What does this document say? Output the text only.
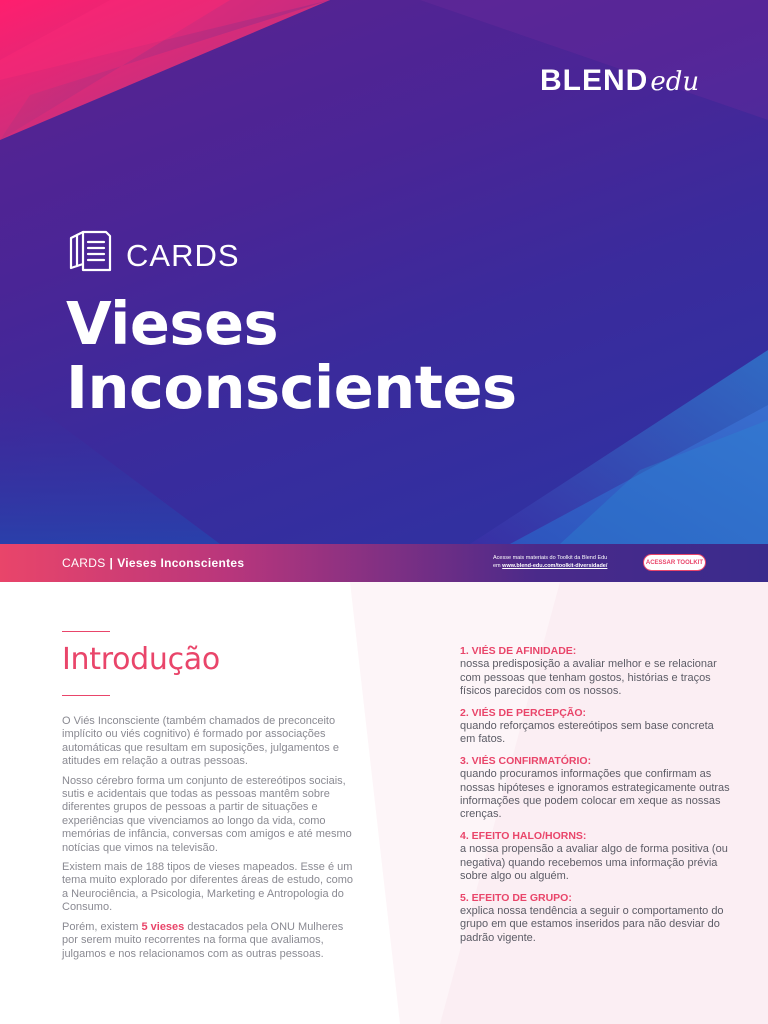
BLEND edu
CARDS
Vieses
Inconscientes
CARDS | Vieses Inconscientes	Acesse mais materiais do Toolkit da Blend Edu
em www.blend-edu.com/toolkit-diversidade/	ACESSAR TOOLKIT
Introdução

O Viés Inconsciente (também chamados de preconceito implícito ou viés cognitivo) é formado por associações automáticas que resultam em suposições, julgamentos e atitudes em relação a outras pessoas.

Nosso cérebro forma um conjunto de estereótipos sociais, sutis e acidentais que todas as pessoas mantêm sobre diferentes grupos de pessoas a partir de situações e experiências que vivenciamos ao longo da vida, como memórias de infância, conversas com amigos e até mesmo notícias que vimos na televisão.

Existem mais de 188 tipos de vieses mapeados. Esse é um tema muito explorado por diferentes áreas de estudo, como a Neurociência, a Psicologia, Marketing e Antropologia do Consumo.

Porém, existem 5 vieses destacados pela ONU Mulheres por serem muito recorrentes na forma que avaliamos, julgamos e nos relacionamos com as outras pessoas.

1. VIÉS DE AFINIDADE:
nossa predisposição a avaliar melhor e se relacionar com pessoas que tenham gostos, histórias e traços físicos parecidos com os nossos.
2. VIÉS DE PERCEPÇÃO:
quando reforçamos estereótipos sem base concreta em fatos.
3. VIÉS CONFIRMATÓRIO:
quando procuramos informações que confirmam as nossas hipóteses e ignoramos estrategicamente outras informações que podem colocar em xeque as nossas crenças.
4. EFEITO HALO/HORNS:
a nossa propensão a avaliar algo de forma positiva (ou negativa) quando recebemos uma informação prévia sobre algo ou alguém.
5. EFEITO DE GRUPO:
explica nossa tendência a seguir o comportamento do grupo em que estamos inseridos para não desviar do padrão vigente.
